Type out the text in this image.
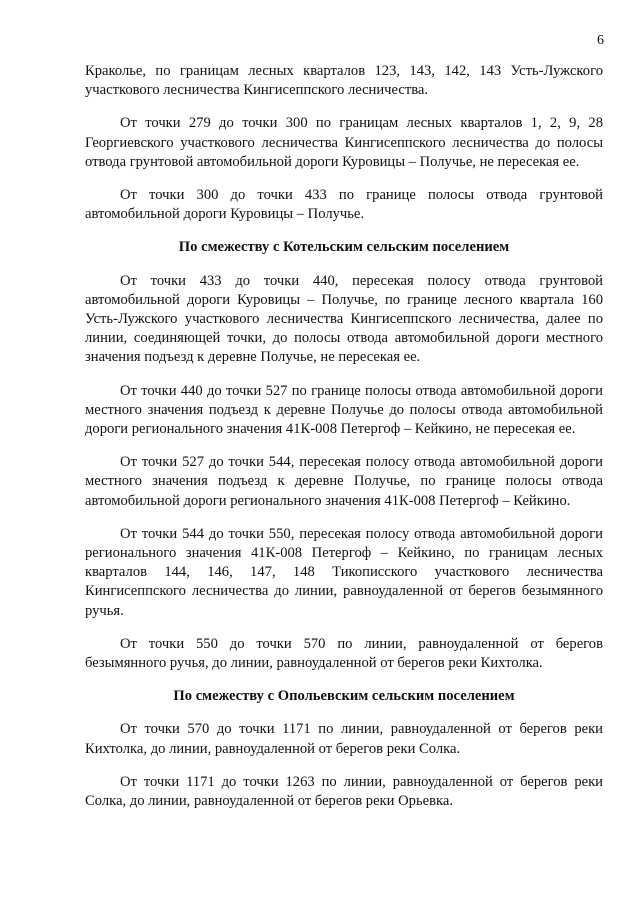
6

Кракольe, по границам лесных кварталов 123, 143, 142, 143 Усть-Лужского участкового лесничества Кингисеппского лесничества.

От точки 279 до точки 300 по границам лесных кварталов 1, 2, 9, 28 Георгиевского участкового лесничества Кингисеппского лесничества до полосы отвода грунтовой автомобильной дороги Куровицы – Получье, не пересекая ее.

От точки 300 до точки 433 по границе полосы отвода грунтовой автомобильной дороги Куровицы – Получье.

По смежеству с Котельским сельским поселением

От точки 433 до точки 440, пересекая полосу отвода грунтовой автомобильной дороги Куровицы – Получье, по границе лесного квартала 160 Усть-Лужского участкового лесничества Кингисеппского лесничества, далее по линии, соединяющей точки, до полосы отвода автомобильной дороги местного значения подъезд к деревне Получье, не пересекая ее.

От точки 440 до точки 527 по границе полосы отвода автомобильной дороги местного значения подъезд к деревне Получье до полосы отвода автомобильной дороги регионального значения 41К-008 Петергоф – Кейкино, не пересекая ее.

От точки 527 до точки 544, пересекая полосу отвода автомобильной дороги местного значения подъезд к деревне Получье, по границе полосы отвода автомобильной дороги регионального значения 41К-008 Петергоф – Кейкино.

От точки 544 до точки 550, пересекая полосу отвода автомобильной дороги регионального значения 41К-008 Петергоф – Кейкино, по границам лесных кварталов 144, 146, 147, 148 Тикописского участкового лесничества Кингисеппского лесничества до линии, равноудаленной от берегов безымянного ручья.

От точки 550 до точки 570 по линии, равноудаленной от берегов безымянного ручья, до линии, равноудаленной от берегов реки Кихтолка.

По смежеству с Опольевским сельским поселением

От точки 570 до точки 1171 по линии, равноудаленной от берегов реки Кихтолка, до линии, равноудаленной от берегов реки Солка.

От точки 1171 до точки 1263 по линии, равноудаленной от берегов реки Солка, до линии, равноудаленной от берегов реки Орьевка.
